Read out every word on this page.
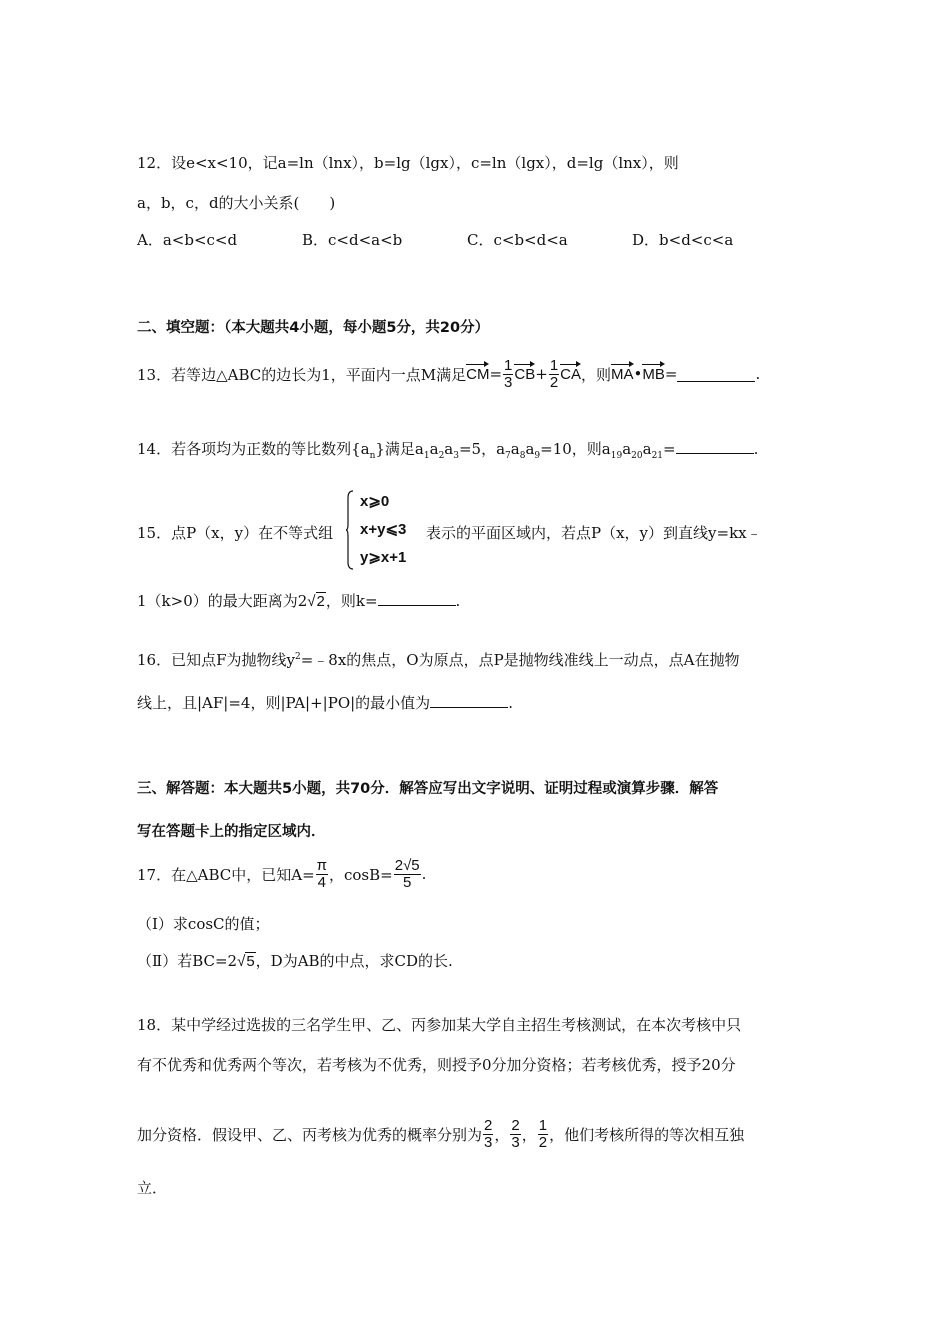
12．设e<x<10，记a=ln（lnx），b=lg（lgx），c=ln（lgx），d=lg（lnx），则
a，b，c，d的大小关系(　　)
A．a<b<c<d	B．c<d<a<b	C．c<b<d<a	D．b<d<c<a
二、填空题：（本大题共4小题，每小题5分，共20分）
13．若等边△ABC的边长为1，平面内一点M满足 CM = $\frac{1}{3}$ CB + $\frac{1}{2}$ CA ，则 MA • MB =	.
14．若各项均为正数的等比数列$\{a_n\}$满足$a_1a_2a_3=5$，$a_7a_8a_9=10$，则$a_{19}a_{20}a_{21}=$	.
15．点P（x，y）在不等式组
x⩾0
x+y⩽3
y⩾x+1
表示的平面区域内，若点P（x，y）到直线y=kx﹣
1（k>0）的最大距离为2√2，则k=	.
16．已知点F为抛物线$y^2=﹣8x$的焦点，O为原点，点P是抛物线准线上一动点，点A在抛物
线上，且|AF|=4，则|PA|+|PO|的最小值为	.
三、解答题：本大题共5小题，共70分．解答应写出文字说明、证明过程或演算步骤．解答
写在答题卡上的指定区域内．
17．在△ABC中，已知$A= \frac{\pi}{4}$ ，$\cos B= \frac{2√5}{5}$ .
（Ⅰ）求cosC的值；
（Ⅱ）若BC=2√5，D为AB的中点，求CD的长.
18．某中学经过选拔的三名学生甲、乙、丙参加某大学自主招生考核测试，在本次考核中只
有不优秀和优秀两个等次，若考核为不优秀，则授予0分加分资格；若考核优秀，授予20分
加分资格．假设甲、乙、丙考核为优秀的概率分别为 $\frac{2}{3}$ ， $\frac{2}{3}$ ， $\frac{1}{2}$ ，他们考核所得的等次相互独
立．
